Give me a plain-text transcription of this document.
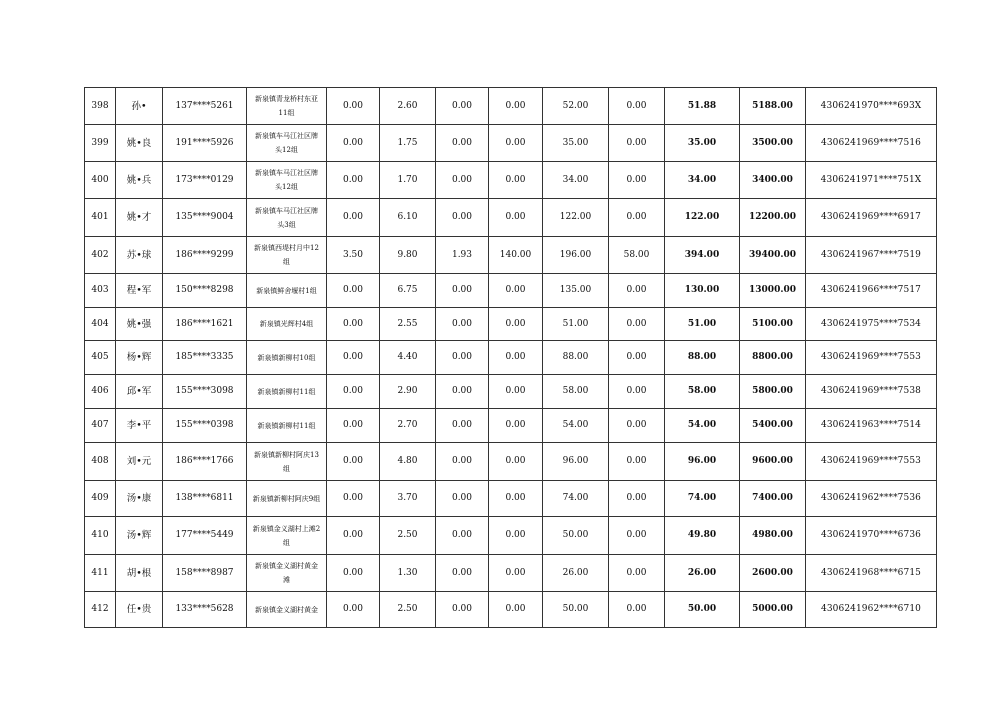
398	孙•	137****5261	新泉镇青龙桥村东亚11组	0.00	2.60	0.00	0.00	52.00	0.00	51.88	5188.00	4306241970****693X
399	姚•良	191****5926	新泉镇车马江社区牌头12组	0.00	1.75	0.00	0.00	35.00	0.00	35.00	3500.00	4306241969****7516
400	姚•兵	173****0129	新泉镇车马江社区牌头12组	0.00	1.70	0.00	0.00	34.00	0.00	34.00	3400.00	4306241971****751X
401	姚•才	135****9004	新泉镇车马江社区牌头3组	0.00	6.10	0.00	0.00	122.00	0.00	122.00	12200.00	4306241969****6917
402	苏•球	186****9299	新泉镇西堤村月中12组	3.50	9.80	1.93	140.00	196.00	58.00	394.00	39400.00	4306241967****7519
403	程•军	150****8298	新泉镇鲜舍堰村1组	0.00	6.75	0.00	0.00	135.00	0.00	130.00	13000.00	4306241966****7517
404	姚•强	186****1621	新泉镇光辉村4组	0.00	2.55	0.00	0.00	51.00	0.00	51.00	5100.00	4306241975****7534
405	杨•辉	185****3335	新泉镇新柳村10组	0.00	4.40	0.00	0.00	88.00	0.00	88.00	8800.00	4306241969****7553
406	邱•军	155****3098	新泉镇新柳村11组	0.00	2.90	0.00	0.00	58.00	0.00	58.00	5800.00	4306241969****7538
407	李•平	155****0398	新泉镇新柳村11组	0.00	2.70	0.00	0.00	54.00	0.00	54.00	5400.00	4306241963****7514
408	刘•元	186****1766	新泉镇新柳村阿庆13组	0.00	4.80	0.00	0.00	96.00	0.00	96.00	9600.00	4306241969****7553
409	汤•康	138****6811	新泉镇新柳村阿庆9组	0.00	3.70	0.00	0.00	74.00	0.00	74.00	7400.00	4306241962****7536
410	汤•辉	177****5449	新泉镇金义湖村上滩2组	0.00	2.50	0.00	0.00	50.00	0.00	49.80	4980.00	4306241970****6736
411	胡•根	158****8987	新泉镇金义湖村黄金滩	0.00	1.30	0.00	0.00	26.00	0.00	26.00	2600.00	4306241968****6715
412	任•贵	133****5628	新泉镇金义湖村黄金	0.00	2.50	0.00	0.00	50.00	0.00	50.00	5000.00	4306241962****6710
